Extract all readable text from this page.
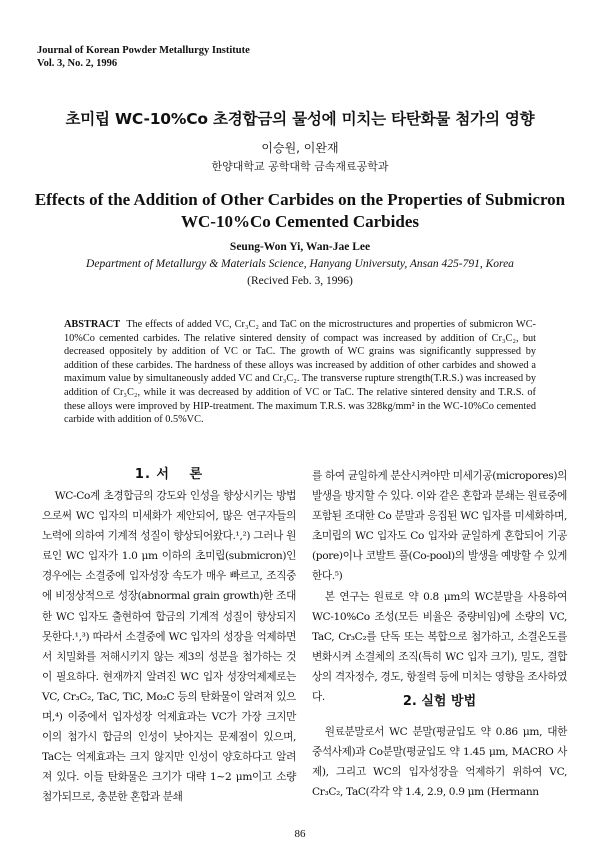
Journal of Korean Powder Metallurgy Institute
Vol. 3, No. 2, 1996
초미립 WC-10%Co 초경합금의 물성에 미치는 타탄화물 첨가의 영향
이승원, 이완재
한양대학교 공학대학 금속재료공학과
Effects of the Addition of Other Carbides on the Properties of Submicron WC-10%Co Cemented Carbides
Seung-Won Yi, Wan-Jae Lee
Department of Metallurgy & Materials Science, Hanyang Universuty, Ansan 425-791, Korea
(Recived Feb. 3, 1996)
ABSTRACT The effects of added VC, Cr₃C₂ and TaC on the microstructures and properties of submicron WC-10%Co cemented carbides. The relative sintered density of compact was increased by addition of Cr₃C₂, but decreased oppositely by addition of VC or TaC. The growth of WC grains was significantly suppressed by addition of these carbides. The hardness of these alloys was increased by addition of other carbides and showed a maximum value by simultaneously added VC and Cr₃C₂. The transverse rupture strength(T.R.S.) was increased by addition of Cr₃C₂, while it was decreased by addition of VC or TaC. The relative sintered density and T.R.S. of these alloys were improved by HIP-treatment. The maximum T.R.S. was 328kg/mm² in the WC-10%Co cemented carbide with addition of 0.5%VC.
1. 서　 론

WC-Co계 초경합금의 강도와 인성을 향상시키는 방법으로써 WC 입자의 미세화가 제안되어, 많은 연구자들의 노력에 의하여 기계적 성질이 향상되어왔다.¹,²) 그러나 원료인 WC 입자가 1.0 μm 이하의 초미립(submicron)인 경우에는 소결중에 입자성장 속도가 매우 빠르고, 조직중에 비정상적으로 성장(abnormal grain growth)한 조대한 WC 입자도 출현하여 합금의 기계적 성질이 향상되지 못한다.¹,³) 따라서 소결중에 WC 입자의 성장을 억제하면서 치밀화를 저해시키지 않는 제3의 성분을 첨가하는 것이 필요하다. 현재까지 알려진 WC 입자 성장억제제로는 VC, Cr₃C₂, TaC, TiC, Mo₂C 등의 탄화물이 알려져 있으며,⁴) 이중에서 입자성장 억제효과는 VC가 가장 크지만 이의 첨가시 합금의 인성이 낮아지는 문제점이 있으며, TaC는 억제효과는 크지 않지만 인성이 양호하다고 알려져 있다. 이들 탄화물은 크기가 대략 1∼2 μm이고 소량 첨가되므로, 충분한 혼합과 분쇄

를 하여 균일하게 분산시켜야만 미세기공(micropores)의 발생을 방지할 수 있다. 이와 같은 혼합과 분쇄는 원료중에 포함된 조대한 Co 분말과 응집된 WC 입자를 미세화하며, 초미립의 WC 입자도 Co 입자와 균일하게 혼합되어 기공(pore)이나 코발트 풀(Co-pool)의 발생을 예방할 수 있게 한다.⁵)

본 연구는 원료로 약 0.8 μm의 WC분말을 사용하여 WC-10%Co 조성(모든 비율은 중량비임)에 소량의 VC, TaC, Cr₃C₂를 단독 또는 복합으로 첨가하고, 소결온도를 변화시켜 소결체의 조직(특히 WC 입자 크기), 밀도, 결합상의 격자정수, 경도, 항절력 등에 미치는 영향을 조사하였다.	2. 실험 방법

원료분말로서 WC 분말(평균입도 약 0.86 μm, 대한 중석사제)과 Co분말(평균입도 약 1.45 μm, MACRO 사제), 그리고 WC의 입자성장을 억제하기 위하여 VC, Cr₃C₂, TaC(각각 약 1.4, 2.9, 0.9 μm (Hermann

86
